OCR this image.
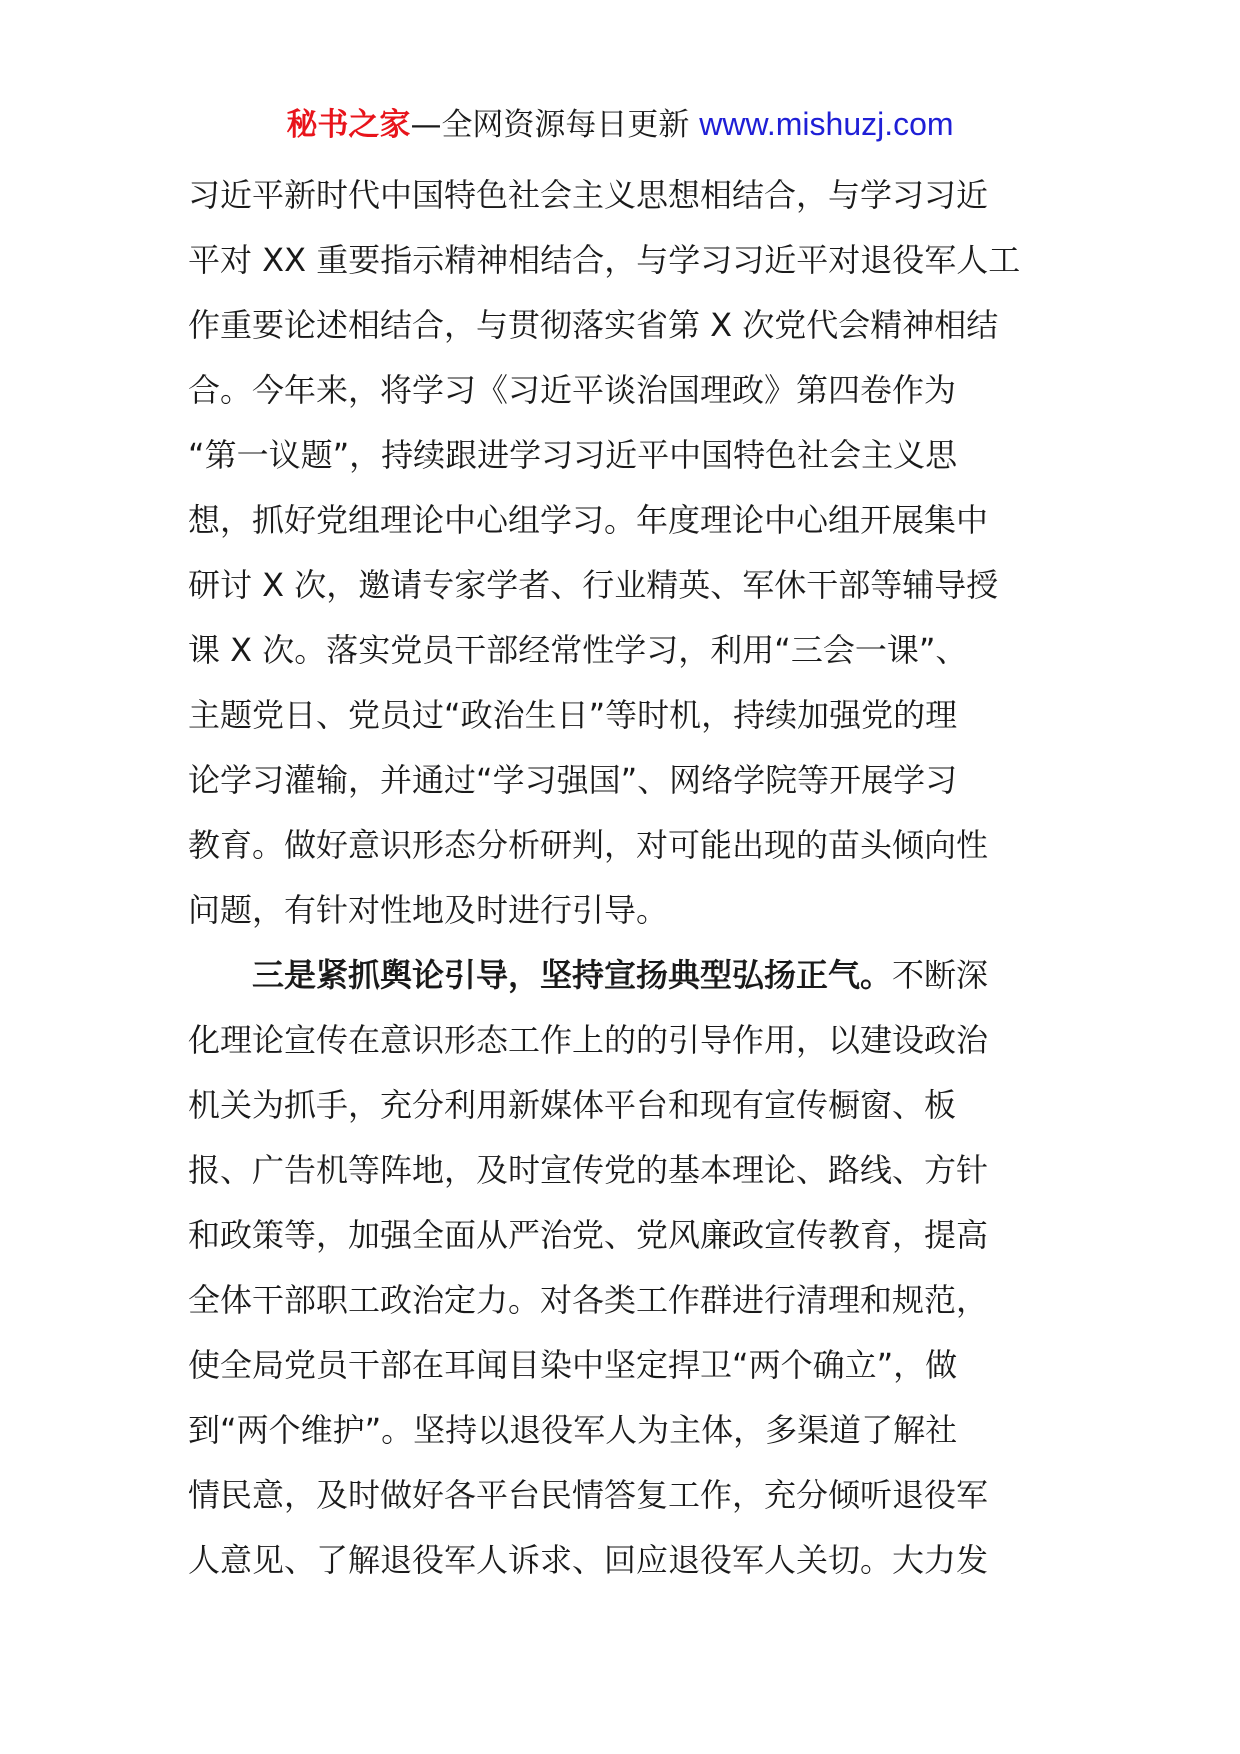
秘书之家—全网资源每日更新 www.mishuzj.com
习近平新时代中国特色社会主义思想相结合，与学习习近
平对 XX 重要指示精神相结合，与学习习近平对退役军人工
作重要论述相结合，与贯彻落实省第 X 次党代会精神相结
合。今年来，将学习《习近平谈治国理政》第四卷作为
“第一议题”，持续跟进学习习近平中国特色社会主义思
想，抓好党组理论中心组学习。年度理论中心组开展集中
研讨 X 次，邀请专家学者、行业精英、军休干部等辅导授
课 X 次。落实党员干部经常性学习，利用“三会一课”、
主题党日、党员过“政治生日”等时机，持续加强党的理
论学习灌输，并通过“学习强国”、网络学院等开展学习
教育。做好意识形态分析研判，对可能出现的苗头倾向性
问题，有针对性地及时进行引导。
三是紧抓舆论引导，坚持宣扬典型弘扬正气。不断深
化理论宣传在意识形态工作上的的引导作用，以建设政治
机关为抓手，充分利用新媒体平台和现有宣传橱窗、板
报、广告机等阵地，及时宣传党的基本理论、路线、方针
和政策等，加强全面从严治党、党风廉政宣传教育，提高
全体干部职工政治定力。对各类工作群进行清理和规范，
使全局党员干部在耳闻目染中坚定捍卫“两个确立”，做
到“两个维护”。坚持以退役军人为主体，多渠道了解社
情民意，及时做好各平台民情答复工作，充分倾听退役军
人意见、了解退役军人诉求、回应退役军人关切。大力发
